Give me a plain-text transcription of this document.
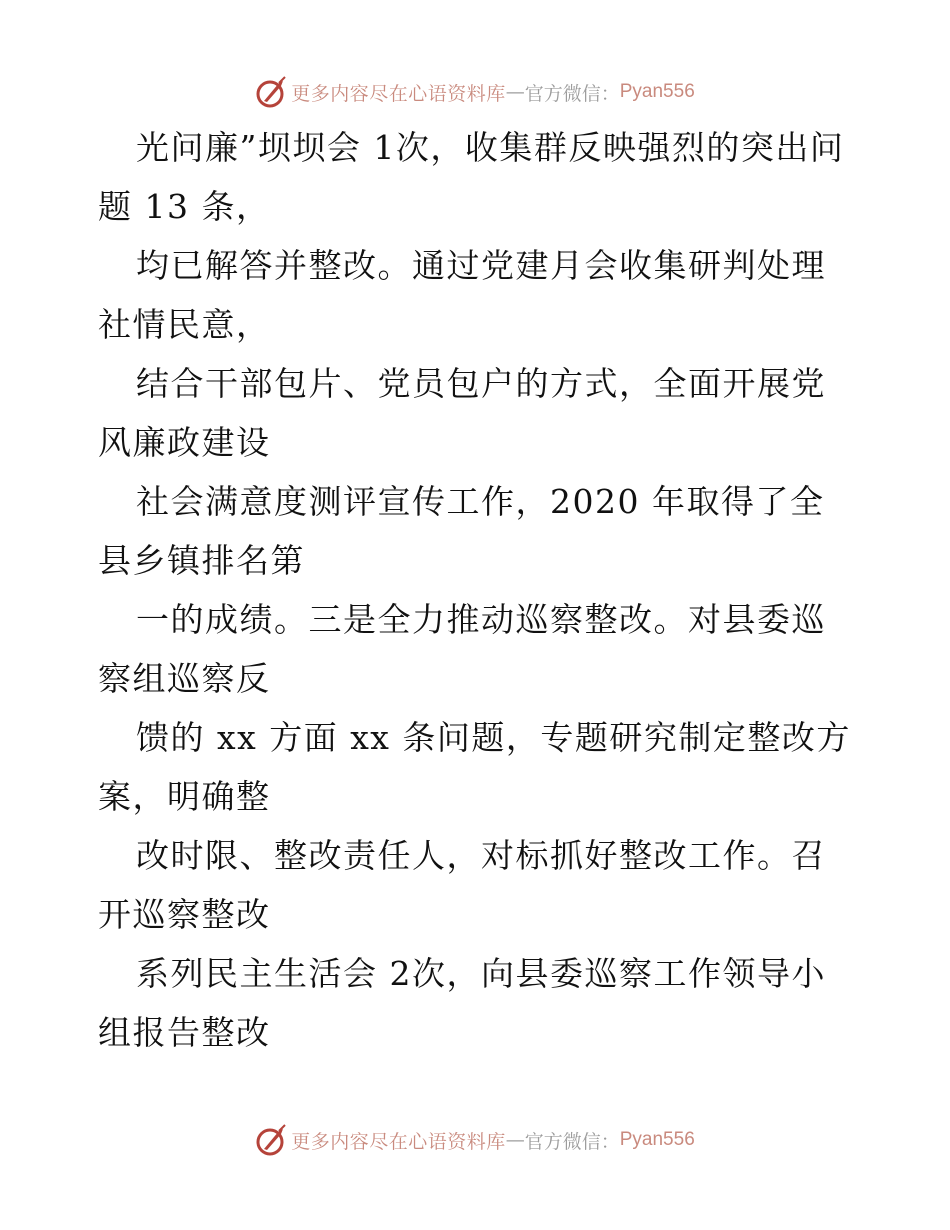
更多内容尽在心语资料库 — 官方微信： Pyan556

光问廉”坝坝会 1次，收集群反映强烈的突出问题 13 条，

均已解答并整改。通过党建月会收集研判处理社情民意，

结合干部包片、党员包户的方式，全面开展党风廉政建设

社会满意度测评宣传工作，2020 年取得了全县乡镇排名第

一的成绩。三是全力推动巡察整改。对县委巡察组巡察反

馈的 xx 方面 xx 条问题，专题研究制定整改方案，明确整

改时限、整改责任人，对标抓好整改工作。召开巡察整改

系列民主生活会 2次，向县委巡察工作领导小组报告整改

更多内容尽在心语资料库 — 官方微信： Pyan556
